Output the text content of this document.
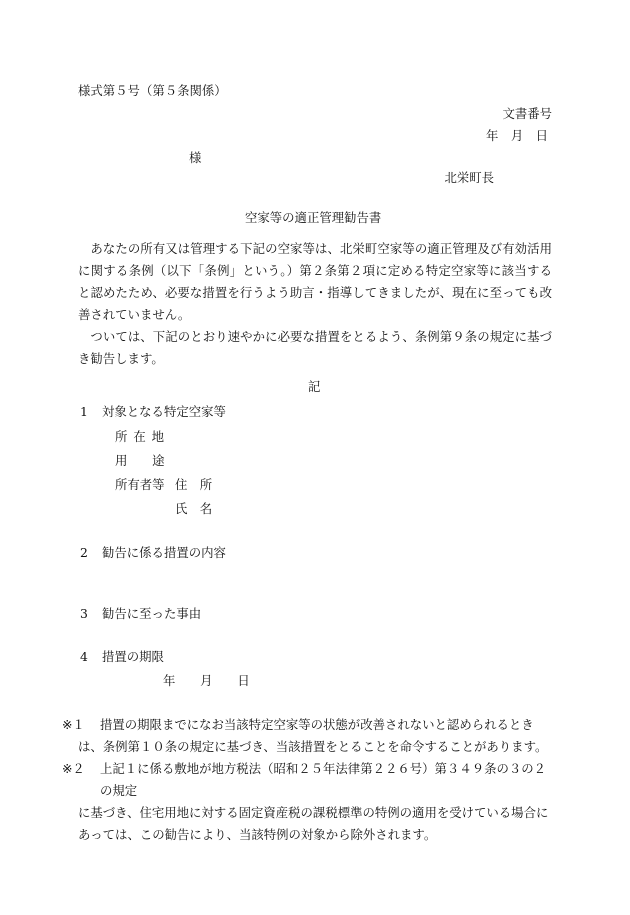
様式第５号（第５条関係）
文書番号
年　月　日
様
北栄町長
空家等の適正管理勧告書

あなたの所有又は管理する下記の空家等は、北栄町空家等の適正管理及び有効活用に関する条例（以下「条例」という。）第２条第２項に定める特定空家等に該当すると認めたため、必要な措置を行うよう助言・指導してきましたが、現在に至っても改善されていません。

ついては、下記のとおり速やかに必要な措置をとるよう、条例第９条の規定に基づき勧告します。

記
1 対象となる特定空家等
所 在 地
用　　途
所有者等 住　所
氏　名
2 勧告に係る措置の内容
3 勧告に至った事由
4 措置の期限
年　　月　　日
※１	措置の期限までになお当該特定空家等の状態が改善されないと認められるとき
は、条例第１０条の規定に基づき、当該措置をとることを命令することがあります。
※２	上記１に係る敷地が地方税法（昭和２５年法律第２２６号）第３４９条の３の２の規定
に基づき、住宅用地に対する固定資産税の課税標準の特例の適用を受けている場合にあっては、この勧告により、当該特例の対象から除外されます。
